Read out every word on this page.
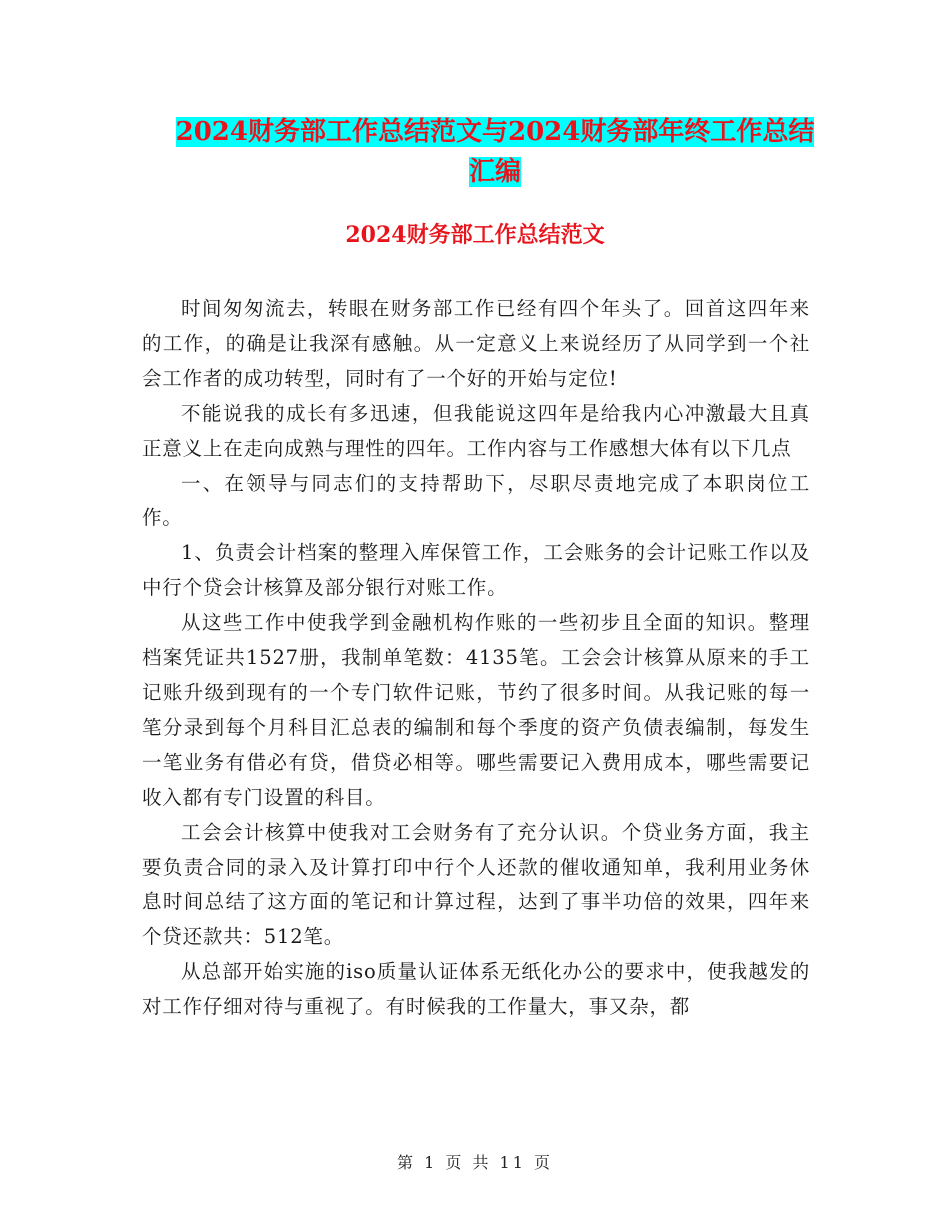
2024财务部工作总结范文与2024财务部年终工作总结
汇编
2024财务部工作总结范文

时间匆匆流去，转眼在财务部工作已经有四个年头了。回首这四年来的工作，的确是让我深有感触。从一定意义上来说经历了从同学到一个社会工作者的成功转型，同时有了一个好的开始与定位!

不能说我的成长有多迅速，但我能说这四年是给我内心冲激最大且真正意义上在走向成熟与理性的四年。工作内容与工作感想大体有以下几点

一、在领导与同志们的支持帮助下，尽职尽责地完成了本职岗位工作。

1、负责会计档案的整理入库保管工作，工会账务的会计记账工作以及中行个贷会计核算及部分银行对账工作。

从这些工作中使我学到金融机构作账的一些初步且全面的知识。整理档案凭证共1527册，我制单笔数：4135笔。工会会计核算从原来的手工记账升级到现有的一个专门软件记账，节约了很多时间。从我记账的每一笔分录到每个月科目汇总表的编制和每个季度的资产负债表编制，每发生一笔业务有借必有贷，借贷必相等。哪些需要记入费用成本，哪些需要记收入都有专门设置的科目。

工会会计核算中使我对工会财务有了充分认识。个贷业务方面，我主要负责合同的录入及计算打印中行个人还款的催收通知单，我利用业务休息时间总结了这方面的笔记和计算过程，达到了事半功倍的效果，四年来个贷还款共：512笔。

从总部开始实施的iso质量认证体系无纸化办公的要求中，使我越发的对工作仔细对待与重视了。有时候我的工作量大，事又杂，都

第 1 页 共 11 页
